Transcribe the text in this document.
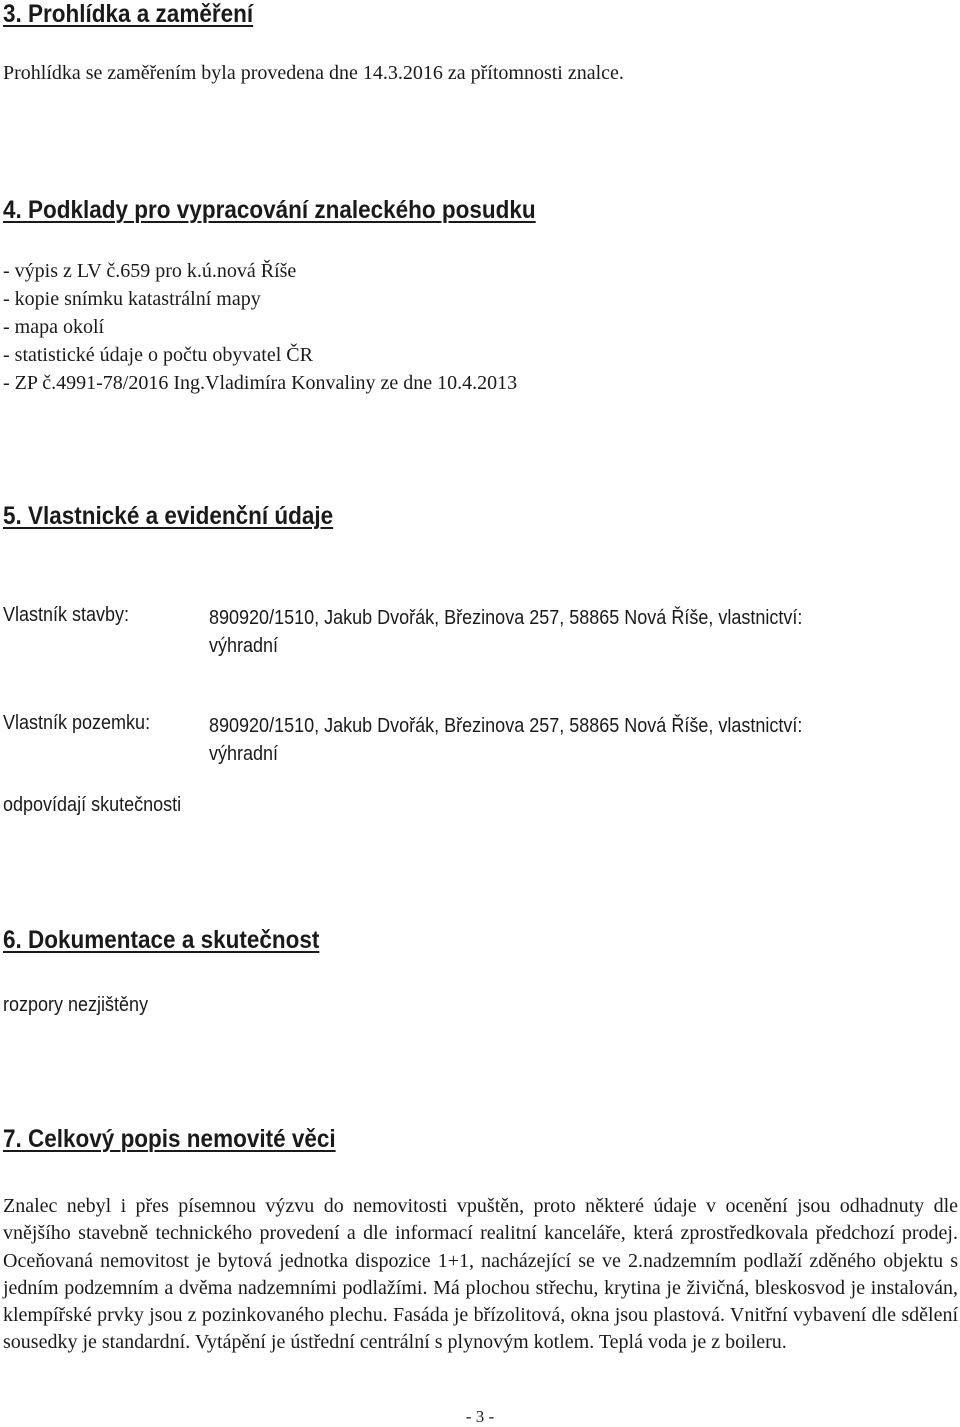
3. Prohlídka a zaměření

Prohlídka se zaměřením byla provedena dne 14.3.2016 za přítomnosti znalce.

4. Podklady pro vypracování znaleckého posudku
- výpis z LV č.659 pro k.ú.nová Říše
- kopie snímku katastrální mapy
- mapa okolí
- statistické údaje o počtu obyvatel ČR
- ZP č.4991-78/2016 Ing.Vladimíra Konvaliny ze dne 10.4.2013
5. Vlastnické a evidenční údaje
Vlastník stavby:	890920/1510, Jakub Dvořák, Březinova 257, 58865 Nová Říše, vlastnictví: výhradní
Vlastník pozemku:	890920/1510, Jakub Dvořák, Březinova 257, 58865 Nová Říše, vlastnictví: výhradní

odpovídají skutečnosti

6. Dokumentace a skutečnost

rozpory nezjištěny

7. Celkový popis nemovité věci

Znalec nebyl i přes písemnou výzvu do nemovitosti vpuštěn, proto některé údaje v ocenění jsou odhadnuty dle vnějšího stavebně technického provedení a dle informací realitní kanceláře, která zprostředkovala předchozí prodej. Oceňovaná nemovitost je bytová jednotka dispozice 1+1, nacházející se ve 2.nadzemním podlaží zděného objektu s jedním podzemním a dvěma nadzemními podlažími. Má plochou střechu, krytina je živičná, bleskosvod je instalován, klempířské prvky jsou z pozinkovaného plechu. Fasáda je břízolitová, okna jsou plastová. Vnitřní vybavení dle sdělení sousedky je standardní. Vytápění je ústřední centrální s plynovým kotlem. Teplá voda je z boileru.

- 3 -
